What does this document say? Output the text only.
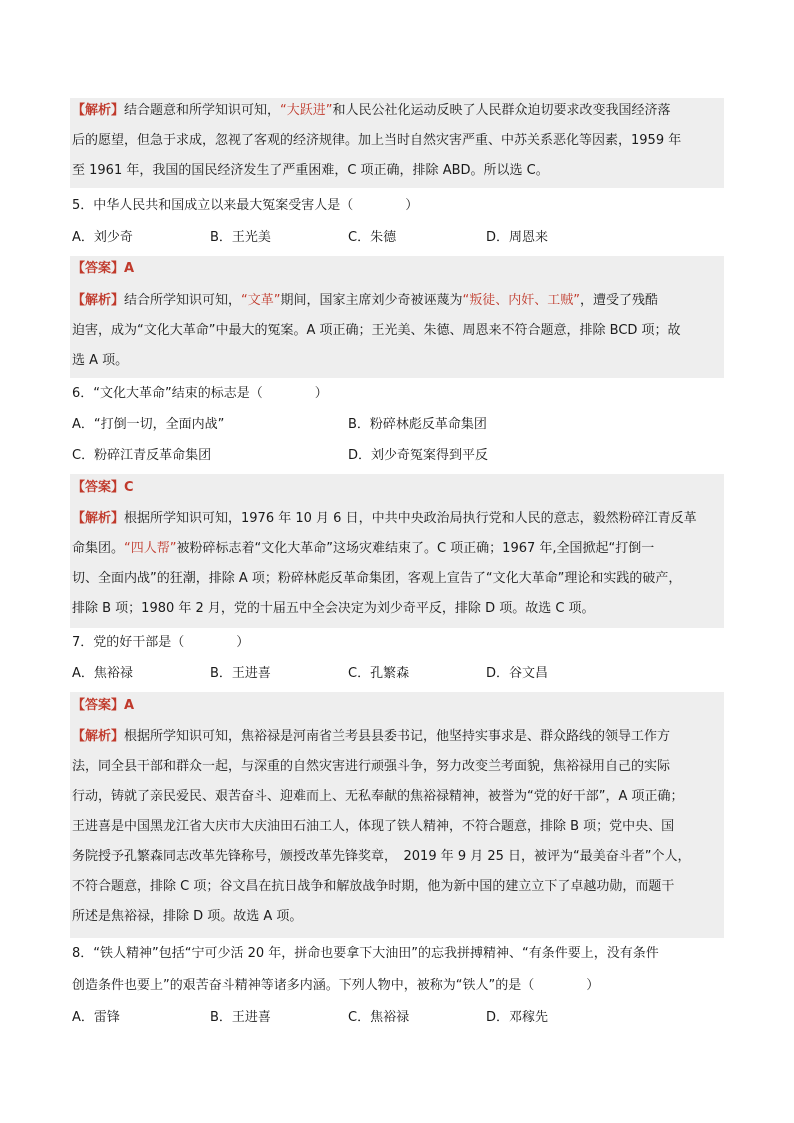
【解析】结合题意和所学知识可知，“大跃进”和人民公社化运动反映了人民群众迫切要求改变我国经济落
后的愿望，但急于求成，忽视了客观的经济规律。加上当时自然灾害严重、中苏关系恶化等因素，1959 年
至 1961 年，我国的国民经济发生了严重困难，C 项正确，排除 ABD。所以选 C。
5．中华人民共和国成立以来最大冤案受害人是（　　　　）
A．刘少奇	B．王光美	C．朱德	D．周恩来
【答案】A
【解析】结合所学知识可知，“文革”期间，国家主席刘少奇被诬蔑为“叛徒、内奸、工贼”，遭受了残酷
迫害，成为“文化大革命”中最大的冤案。A 项正确；王光美、朱德、周恩来不符合题意，排除 BCD 项；故
选 A 项。
6．“文化大革命”结束的标志是（　　　　）
A．“打倒一切，全面内战”	B．粉碎林彪反革命集团
C．粉碎江青反革命集团	D．刘少奇冤案得到平反
【答案】C
【解析】根据所学知识可知，1976 年 10 月 6 日，中共中央政治局执行党和人民的意志，毅然粉碎江青反革
命集团。“四人帮”被粉碎标志着“文化大革命”这场灾难结束了。C 项正确；1967 年,全国掀起“打倒一
切、全面内战”的狂潮，排除 A 项；粉碎林彪反革命集团，客观上宣告了“文化大革命”理论和实践的破产，
排除 B 项；1980 年 2 月，党的十届五中全会决定为刘少奇平反，排除 D 项。故选 C 项。
7．党的好干部是（　　　　）
A．焦裕禄	B．王进喜	C．孔繁森	D．谷文昌
【答案】A
【解析】根据所学知识可知，焦裕禄是河南省兰考县县委书记，他坚持实事求是、群众路线的领导工作方
法，同全县干部和群众一起，与深重的自然灾害进行顽强斗争，努力改变兰考面貌，焦裕禄用自己的实际
行动，铸就了亲民爱民、艰苦奋斗、迎难而上、无私奉献的焦裕禄精神，被誉为“党的好干部”，A 项正确；
王进喜是中国黑龙江省大庆市大庆油田石油工人，体现了铁人精神，不符合题意，排除 B 项；党中央、国
务院授予孔繁森同志改革先锋称号，颁授改革先锋奖章，　2019 年 9 月 25 日，被评为“最美奋斗者”个人，
不符合题意，排除 C 项；谷文昌在抗日战争和解放战争时期，他为新中国的建立立下了卓越功勋，而题干
所述是焦裕禄，排除 D 项。故选 A 项。
8．“铁人精神”包括“宁可少活 20 年，拼命也要拿下大油田”的忘我拼搏精神、“有条件要上，没有条件
创造条件也要上”的艰苦奋斗精神等诸多内涵。下列人物中，被称为“铁人”的是（　　　　）
A．雷锋	B．王进喜	C．焦裕禄	D．邓稼先
